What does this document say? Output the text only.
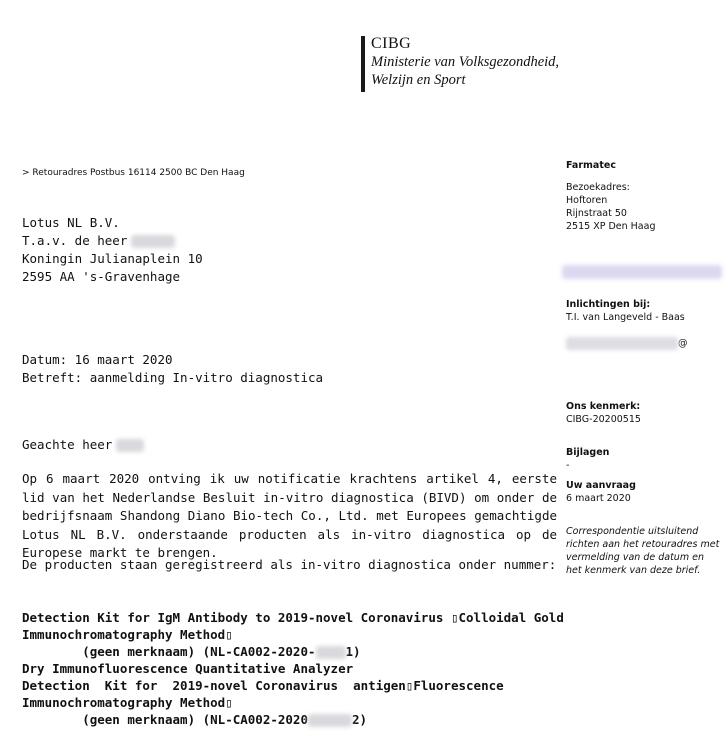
CIBG
Ministerie van Volksgezondheid,
Welzijn en Sport
> Retouradres Postbus 16114 2500 BC Den Haag
Lotus NL B.V.
T.a.v. de heer
Koningin Julianaplein 10
2595 AA 's-Gravenhage
Datum: 16 maart 2020
Betreft: aanmelding In-vitro diagnostica
Geachte heer
Op 6 maart 2020 ontving ik uw notificatie krachtens artikel 4, eerste lid van het Nederlandse Besluit in-vitro diagnostica (BIVD) om onder de bedrijfsnaam Shandong Diano Bio-tech Co., Ltd. met Europees gemachtigde Lotus NL B.V. onderstaande producten als in-vitro diagnostica op de Europese markt te brengen.
De producten staan geregistreerd als in-vitro diagnostica onder nummer:
Detection Kit for IgM Antibody to 2019-novel Coronavirus ▯Colloidal Gold
Immunochromatography Method▯
(geen merknaam) (NL-CA002-2020- 1)
Dry Immunofluorescence Quantitative Analyzer
Detection  Kit for  2019-novel Coronavirus  antigen▯Fluorescence
Immunochromatography Method▯
(geen merknaam) (NL-CA002-2020	2)
Farmatec
Bezoekadres:
Hoftoren
Rijnstraat 50
2515 XP Den Haag
Inlichtingen bij:
T.I. van Langeveld - Baas
@
Ons kenmerk:
CIBG-20200515
Bijlagen
-
Uw aanvraag
6 maart 2020
Correspondentie uitsluitend richten aan het retouradres met vermelding van de datum en het kenmerk van deze brief.
